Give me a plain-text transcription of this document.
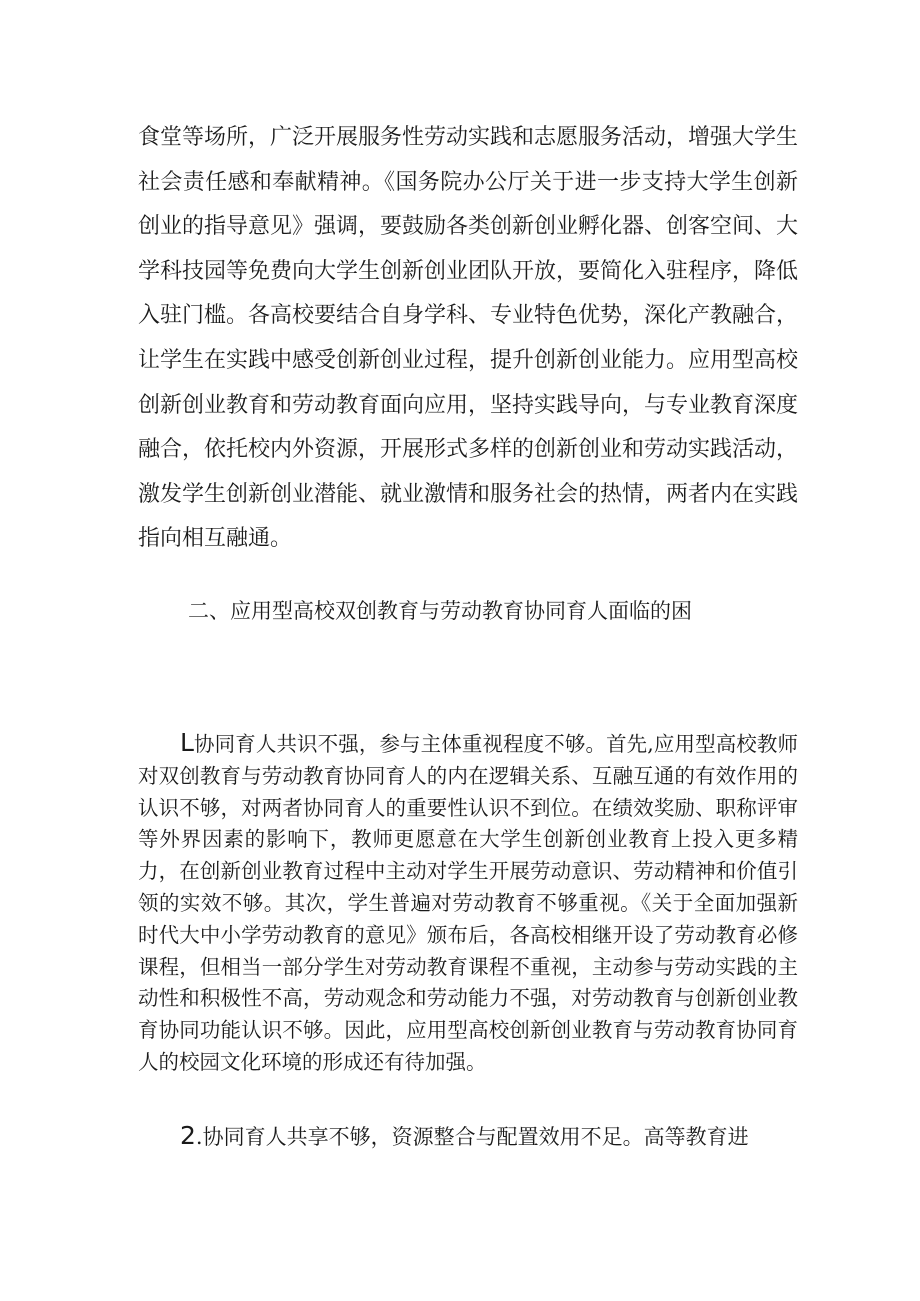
食堂等场所，广泛开展服务性劳动实践和志愿服务活动，增强大学生社会责任感和奉献精神。《国务院办公厅关于进一步支持大学生创新创业的指导意见》强调，要鼓励各类创新创业孵化器、创客空间、大学科技园等免费向大学生创新创业团队开放，要简化入驻程序，降低入驻门槛。各高校要结合自身学科、专业特色优势，深化产教融合，让学生在实践中感受创新创业过程，提升创新创业能力。应用型高校创新创业教育和劳动教育面向应用，坚持实践导向，与专业教育深度融合，依托校内外资源，开展形式多样的创新创业和劳动实践活动，激发学生创新创业潜能、就业激情和服务社会的热情，两者内在实践指向相互融通。

二、应用型高校双创教育与劳动教育协同育人面临的困

L协同育人共识不强，参与主体重视程度不够。首先,应用型高校教师对双创教育与劳动教育协同育人的内在逻辑关系、互融互通的有效作用的认识不够，对两者协同育人的重要性认识不到位。在绩效奖励、职称评审等外界因素的影响下，教师更愿意在大学生创新创业教育上投入更多精力，在创新创业教育过程中主动对学生开展劳动意识、劳动精神和价值引领的实效不够。其次，学生普遍对劳动教育不够重视。《关于全面加强新时代大中小学劳动教育的意见》颁布后，各高校相继开设了劳动教育必修课程，但相当一部分学生对劳动教育课程不重视，主动参与劳动实践的主动性和积极性不高，劳动观念和劳动能力不强，对劳动教育与创新创业教育协同功能认识不够。因此，应用型高校创新创业教育与劳动教育协同育人的校园文化环境的形成还有待加强。

2.协同育人共享不够，资源整合与配置效用不足。高等教育进
